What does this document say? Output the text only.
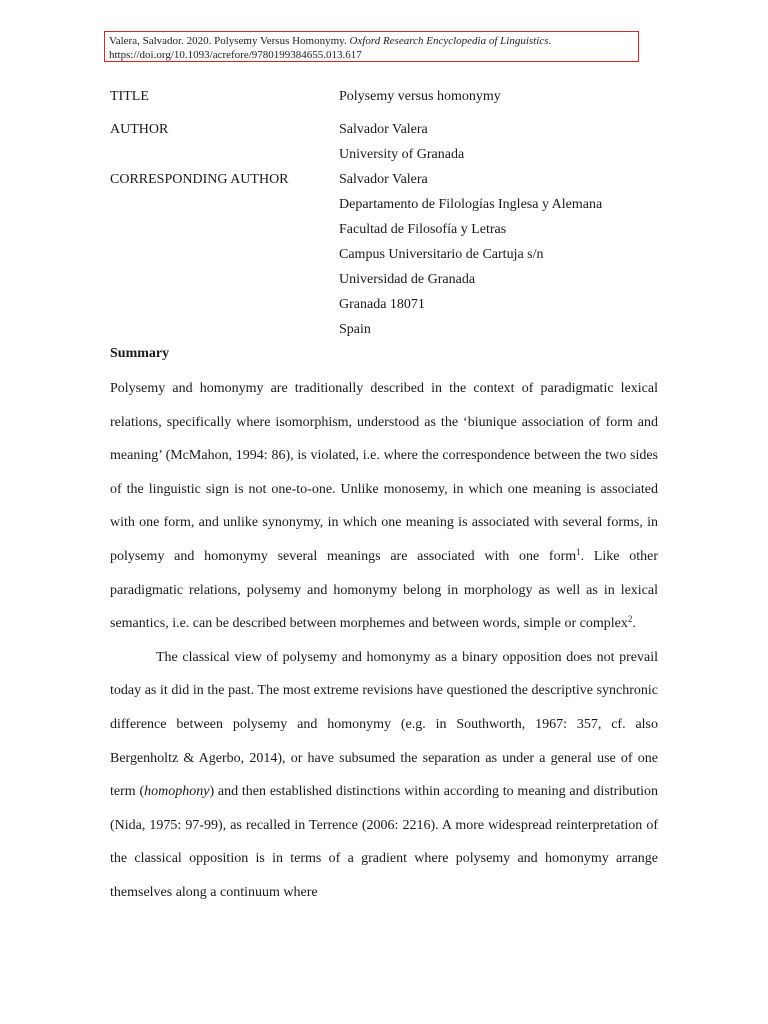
Valera, Salvador. 2020. Polysemy Versus Homonymy. Oxford Research Encyclopedia of Linguistics.
https://doi.org/10.1093/acrefore/9780199384655.013.617
TITLE	Polysemy versus homonymy
AUTHOR	Salvador Valera
University of Granada
CORRESPONDING AUTHOR	Salvador Valera
Departamento de Filologías Inglesa y Alemana
Facultad de Filosofía y Letras
Campus Universitario de Cartuja s/n
Universidad de Granada
Granada 18071
Spain
Summary

Polysemy and homonymy are traditionally described in the context of paradigmatic lexical relations, specifically where isomorphism, understood as the ‘biunique association of form and meaning’ (McMahon, 1994: 86), is violated, i.e. where the correspondence between the two sides of the linguistic sign is not one-to-one. Unlike monosemy, in which one meaning is associated with one form, and unlike synonymy, in which one meaning is associated with several forms, in polysemy and homonymy several meanings are associated with one form$^1$. Like other paradigmatic relations, polysemy and homonymy belong in morphology as well as in lexical semantics, i.e. can be described between morphemes and between words, simple or complex$^2$.

The classical view of polysemy and homonymy as a binary opposition does not prevail today as it did in the past. The most extreme revisions have questioned the descriptive synchronic difference between polysemy and homonymy (e.g. in Southworth, 1967: 357, cf. also Bergenholtz & Agerbo, 2014), or have subsumed the separation as under a general use of one term (homophony) and then established distinctions within according to meaning and distribution (Nida, 1975: 97-99), as recalled in Terrence (2006: 2216). A more widespread reinterpretation of the classical opposition is in terms of a gradient where polysemy and homonymy arrange themselves along a continuum where
